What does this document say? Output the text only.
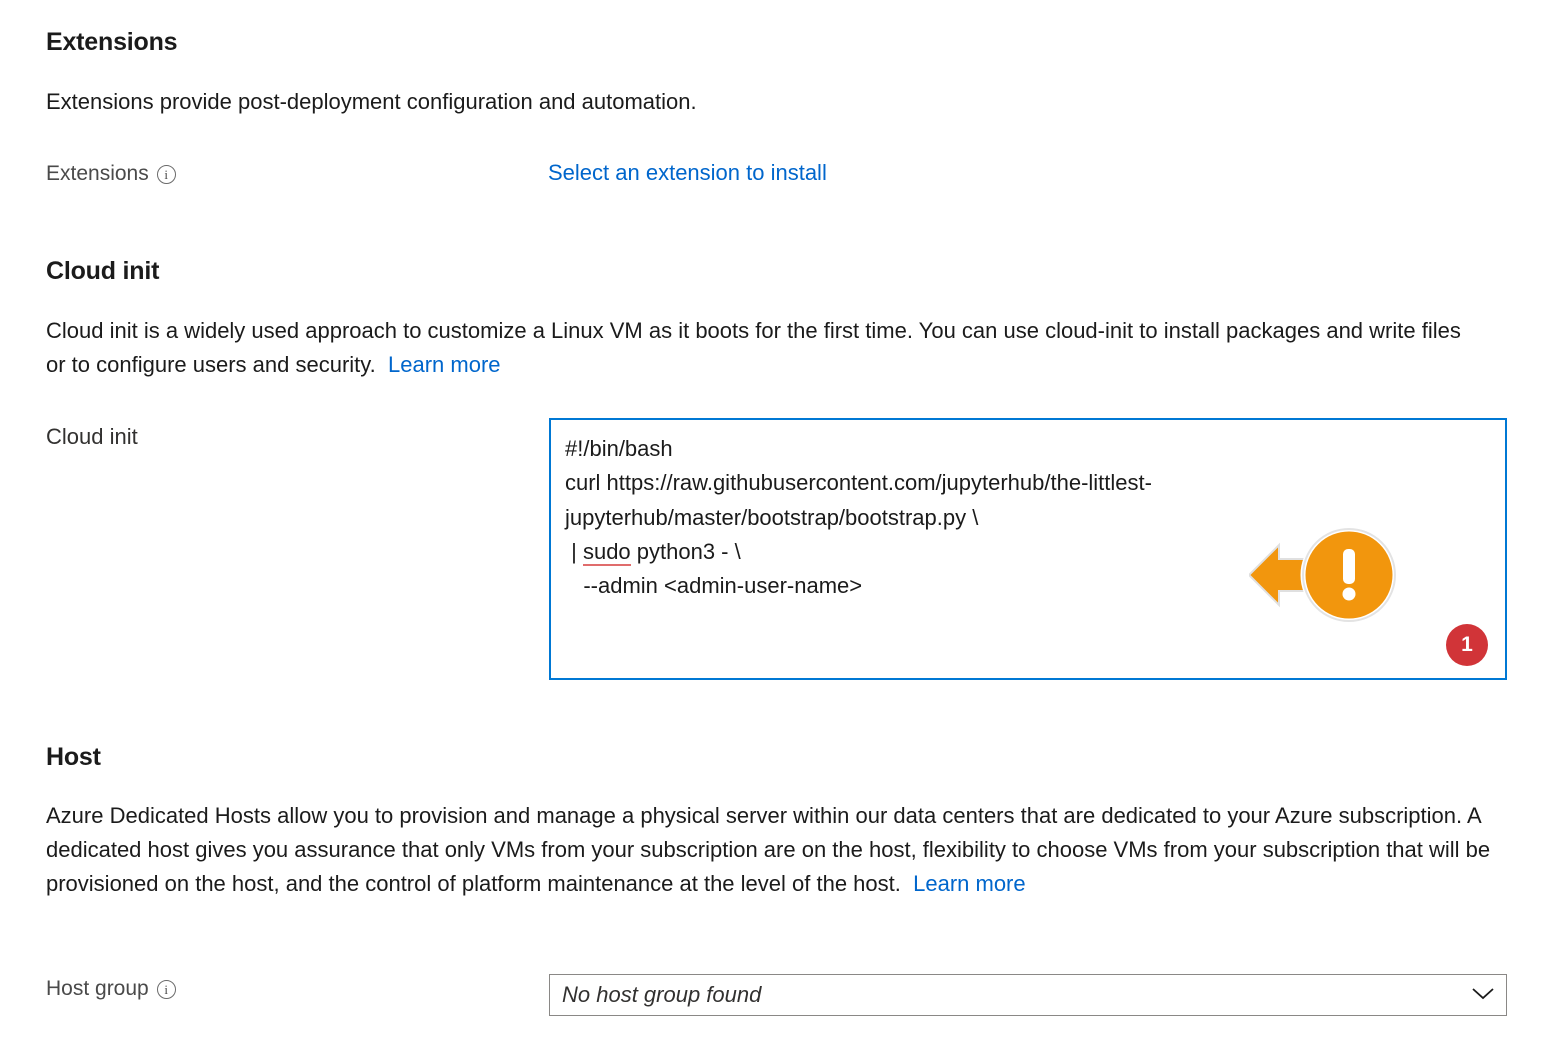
Extensions

Extensions provide post-deployment configuration and automation.

Extensions	i	Select an extension to install
Cloud init

Cloud init is a widely used approach to customize a Linux VM as it boots for the first time. You can use cloud-init to install packages and write files or to configure users and security. Learn more

Cloud init	#!/bin/bash
curl https://raw.githubusercontent.com/jupyterhub/the-littlest-jupyterhub/master/bootstrap/bootstrap.py \
| sudo python3 - \
--admin <admin-user-name>
1
Host

Azure Dedicated Hosts allow you to provision and manage a physical server within our data centers that are dedicated to your Azure subscription. A dedicated host gives you assurance that only VMs from your subscription are on the host, flexibility to choose VMs from your subscription that will be provisioned on the host, and the control of platform maintenance at the level of the host. Learn more

Host group	i	No host group found
